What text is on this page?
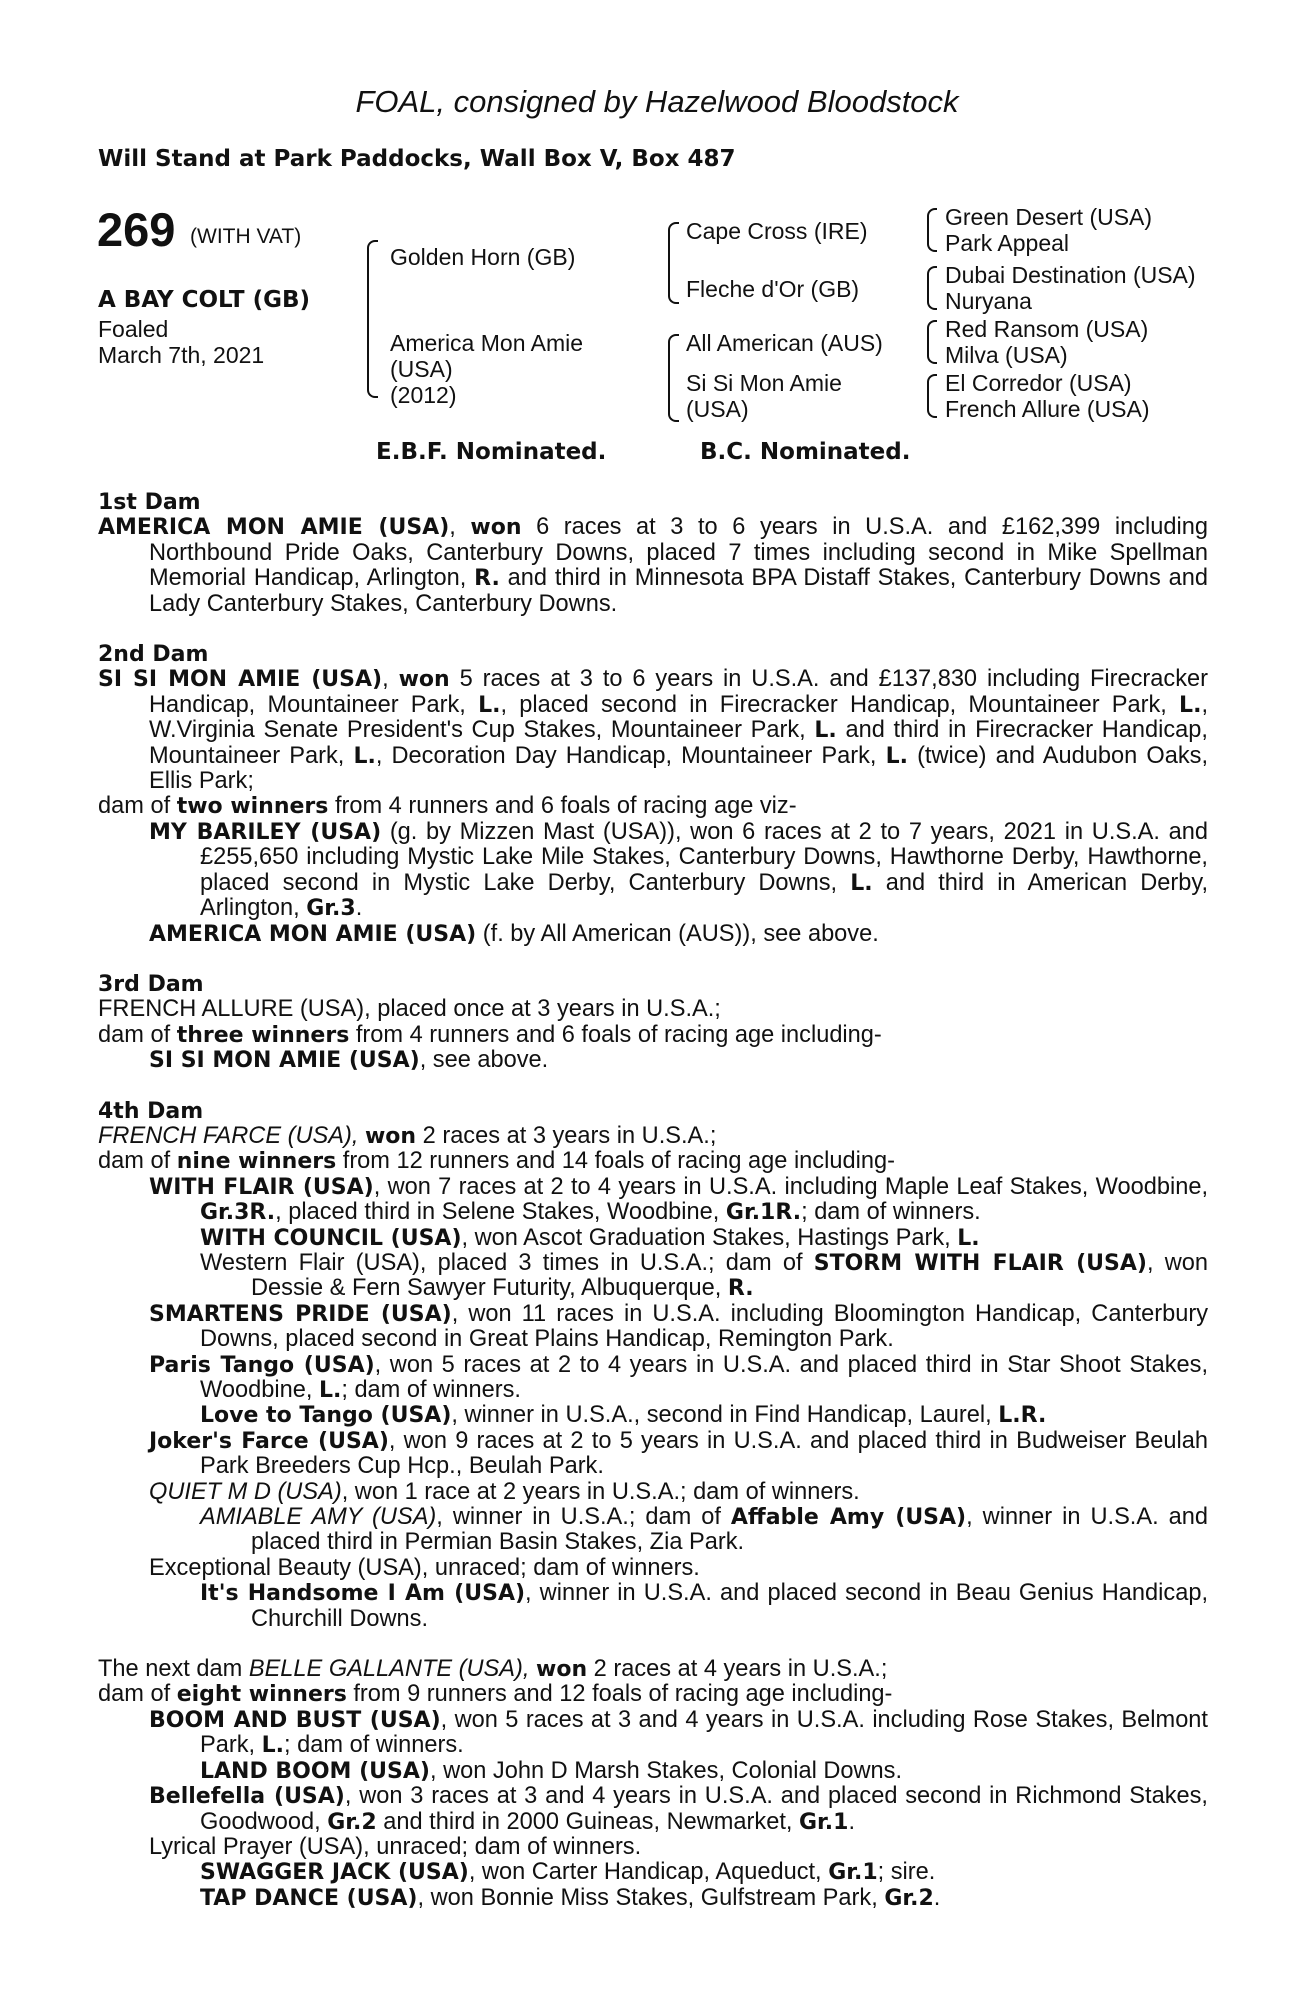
FOAL, consigned by Hazelwood Bloodstock
Will Stand at Park Paddocks, Wall Box V, Box 487
269 (WITH VAT)
A BAY COLT (GB)
Foaled
March 7th, 2021
Golden Horn (GB)
America Mon Amie
(USA)
(2012)
Cape Cross (IRE)
Fleche d'Or (GB)
All American (AUS)
Si Si Mon Amie
(USA)
Green Desert (USA)
Park Appeal
Dubai Destination (USA)
Nuryana
Red Ransom (USA)
Milva (USA)
El Corredor (USA)
French Allure (USA)
E.B.F. Nominated.	B.C. Nominated.
1st Dam
AMERICA MON AMIE (USA), won 6 races at 3 to 6 years in U.S.A. and £162,399 including Northbound Pride Oaks, Canterbury Downs, placed 7 times including second in Mike Spellman Memorial Handicap, Arlington, R. and third in Minnesota BPA Distaff Stakes, Canterbury Downs and Lady Canterbury Stakes, Canterbury Downs.
2nd Dam
SI SI MON AMIE (USA), won 5 races at 3 to 6 years in U.S.A. and £137,830 including Firecracker Handicap, Mountaineer Park, L., placed second in Firecracker Handicap, Mountaineer Park, L., W.Virginia Senate President's Cup Stakes, Mountaineer Park, L. and third in Firecracker Handicap, Mountaineer Park, L., Decoration Day Handicap, Mountaineer Park, L. (twice) and Audubon Oaks, Ellis Park;
dam of two winners from 4 runners and 6 foals of racing age viz-
MY BARILEY (USA) (g. by Mizzen Mast (USA)), won 6 races at 2 to 7 years, 2021 in U.S.A. and £255,650 including Mystic Lake Mile Stakes, Canterbury Downs, Hawthorne Derby, Hawthorne, placed second in Mystic Lake Derby, Canterbury Downs, L. and third in American Derby, Arlington, Gr.3.
AMERICA MON AMIE (USA) (f. by All American (AUS)), see above.
3rd Dam
FRENCH ALLURE (USA), placed once at 3 years in U.S.A.;
dam of three winners from 4 runners and 6 foals of racing age including-
SI SI MON AMIE (USA), see above.
4th Dam
FRENCH FARCE (USA), won 2 races at 3 years in U.S.A.;
dam of nine winners from 12 runners and 14 foals of racing age including-
WITH FLAIR (USA), won 7 races at 2 to 4 years in U.S.A. including Maple Leaf Stakes, Woodbine, Gr.3R., placed third in Selene Stakes, Woodbine, Gr.1R.; dam of winners.
WITH COUNCIL (USA), won Ascot Graduation Stakes, Hastings Park, L.
Western Flair (USA), placed 3 times in U.S.A.; dam of STORM WITH FLAIR (USA), won Dessie & Fern Sawyer Futurity, Albuquerque, R.
SMARTENS PRIDE (USA), won 11 races in U.S.A. including Bloomington Handicap, Canterbury Downs, placed second in Great Plains Handicap, Remington Park.
Paris Tango (USA), won 5 races at 2 to 4 years in U.S.A. and placed third in Star Shoot Stakes, Woodbine, L.; dam of winners.
Love to Tango (USA), winner in U.S.A., second in Find Handicap, Laurel, L.R.
Joker's Farce (USA), won 9 races at 2 to 5 years in U.S.A. and placed third in Budweiser Beulah Park Breeders Cup Hcp., Beulah Park.
QUIET M D (USA), won 1 race at 2 years in U.S.A.; dam of winners.
AMIABLE AMY (USA), winner in U.S.A.; dam of Affable Amy (USA), winner in U.S.A. and placed third in Permian Basin Stakes, Zia Park.
Exceptional Beauty (USA), unraced; dam of winners.
It's Handsome I Am (USA), winner in U.S.A. and placed second in Beau Genius Handicap, Churchill Downs.
The next dam BELLE GALLANTE (USA), won 2 races at 4 years in U.S.A.;
dam of eight winners from 9 runners and 12 foals of racing age including-
BOOM AND BUST (USA), won 5 races at 3 and 4 years in U.S.A. including Rose Stakes, Belmont Park, L.; dam of winners.
LAND BOOM (USA), won John D Marsh Stakes, Colonial Downs.
Bellefella (USA), won 3 races at 3 and 4 years in U.S.A. and placed second in Richmond Stakes, Goodwood, Gr.2 and third in 2000 Guineas, Newmarket, Gr.1.
Lyrical Prayer (USA), unraced; dam of winners.
SWAGGER JACK (USA), won Carter Handicap, Aqueduct, Gr.1; sire.
TAP DANCE (USA), won Bonnie Miss Stakes, Gulfstream Park, Gr.2.
